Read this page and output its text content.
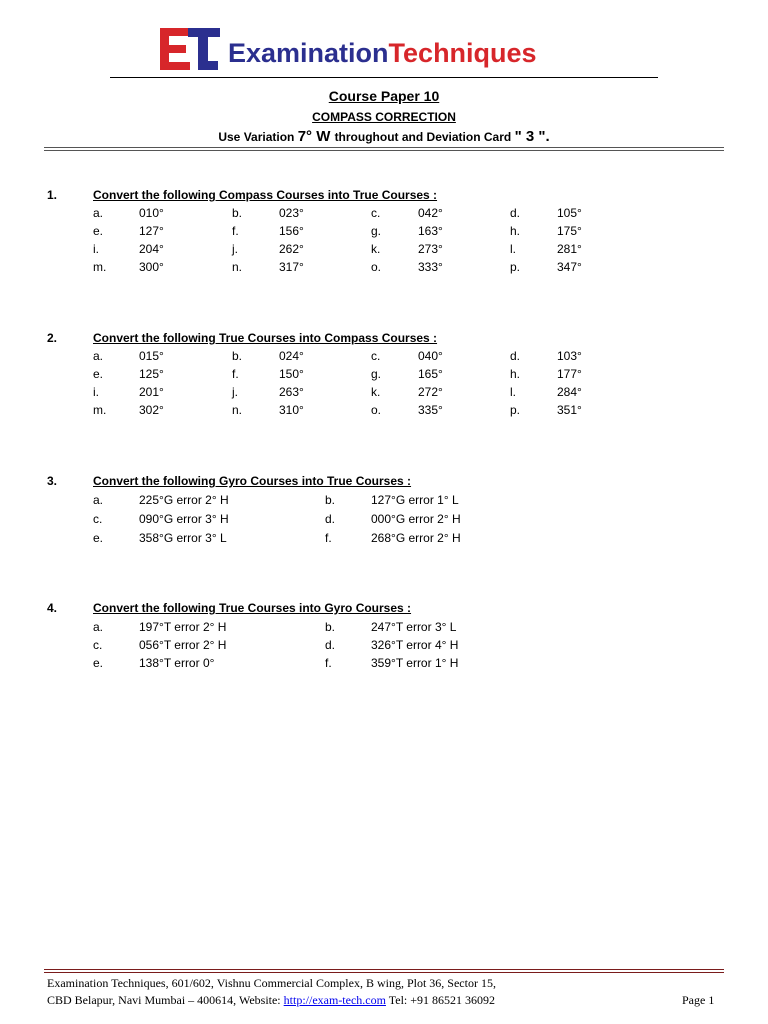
ExaminationTechniques
Course Paper 10
COMPASS CORRECTION
Use Variation 7° W throughout and Deviation Card " 3 ".
1.	Convert the following Compass Courses into True Courses :
a.	010°	b.	023°	c.	042°	d.	105°
e.	127°	f.	156°	g.	163°	h.	175°
i.	204°	j.	262°	k.	273°	l.	281°
m.	300°	n.	317°	o.	333°	p.	347°
2.	Convert the following True Courses into Compass Courses :
a.	015°	b.	024°	c.	040°	d.	103°
e.	125°	f.	150°	g.	165°	h.	177°
i.	201°	j.	263°	k.	272°	l.	284°
m.	302°	n.	310°	o.	335°	p.	351°
3.	Convert the following Gyro Courses into True Courses :
a.	225°G error 2° H	b.	127°G error 1° L
c.	090°G error 3° H	d.	000°G error 2° H
e.	358°G error 3° L	f.	268°G error 2° H
4.	Convert the following True Courses into Gyro Courses :
a.	197°T error 2° H	b.	247°T error 3° L
c.	056°T error 2° H	d.	326°T error 4° H
e.	138°T error 0°	f.	359°T error 1° H
Examination Techniques, 601/602, Vishnu Commercial Complex, B wing, Plot 36, Sector 15,
CBD Belapur, Navi Mumbai – 400614, Website: http://exam-tech.com Tel: +91 86521 36092	Page 1
